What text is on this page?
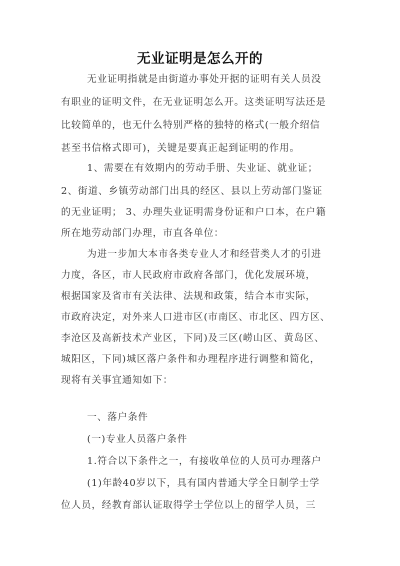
无业证明是怎么开的
无业证明指就是由街道办事处开据的证明有关人员没
有职业的证明文件，在无业证明怎么开。这类证明写法还是
比较简单的，也无什么特别严格的独特的格式(一般介绍信
甚至书信格式即可)，关键是要真正起到证明的作用。
1、需要在有效期内的劳动手册、失业证、就业证；
2、街道、乡镇劳动部门出具的经区、县以上劳动部门鉴证
的无业证明； 3、办理失业证明需身份证和户口本，在户籍
所在地劳动部门办理，市直各单位：
为进一步加大本市各类专业人才和经营类人才的引进
力度，各区，市人民政府市政府各部门，优化发展环境，
根据国家及省市有关法律、法规和政策，结合本市实际，
市政府决定，对外来人口进市区(市南区、市北区、四方区、
李沧区及高新技术产业区，下同)及三区(崂山区、黄岛区、
城阳区，下同)城区落户条件和办理程序进行调整和简化，
现将有关事宜通知如下：
一、落户条件
(一)专业人员落户条件
1.符合以下条件之一，有接收单位的人员可办理落户
(1)年龄40岁以下，具有国内普通大学全日制学士学
位人员，经教育部认证取得学士学位以上的留学人员，三
